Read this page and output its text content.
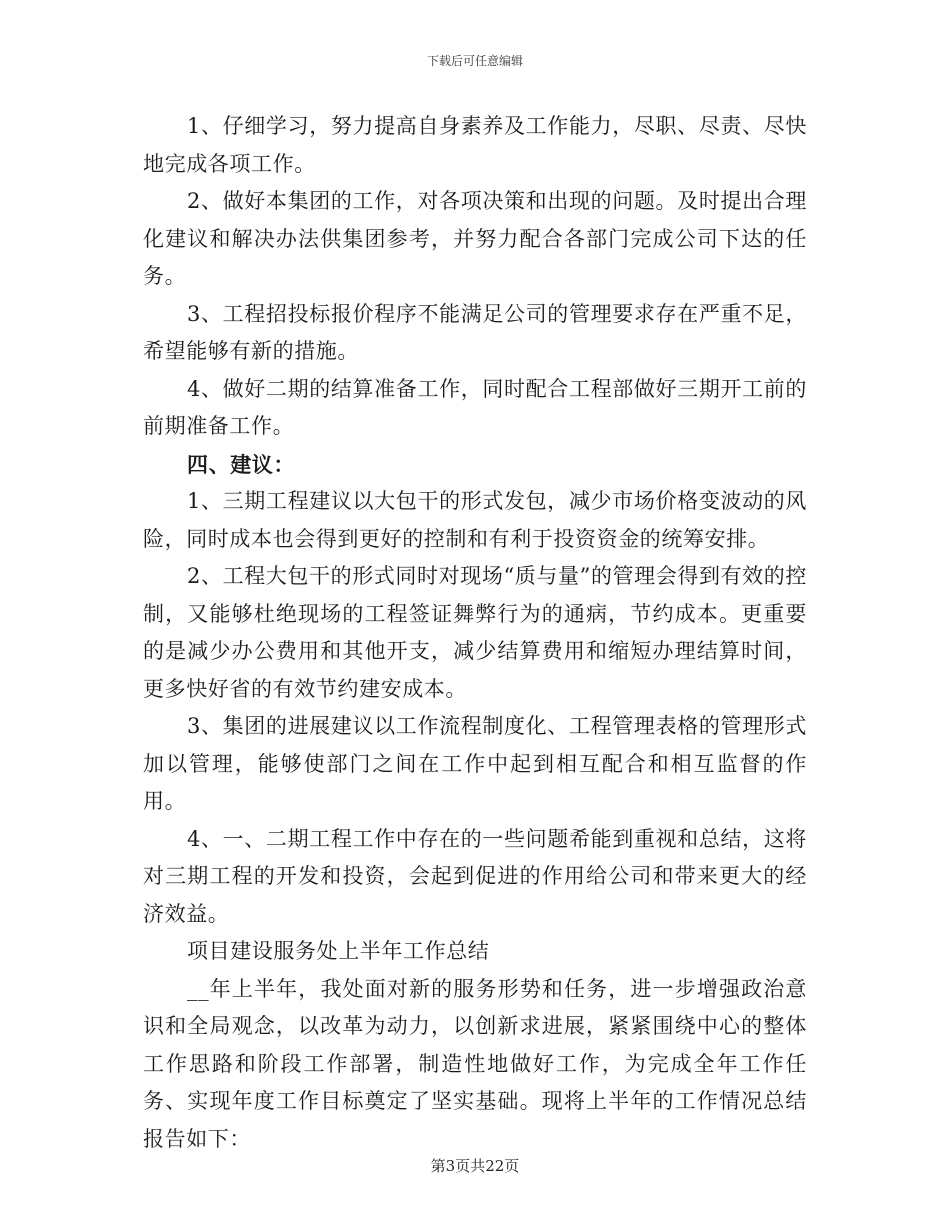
下载后可任意编辑

1、仔细学习，努力提高自身素养及工作能力，尽职、尽责、尽快地完成各项工作。

2、做好本集团的工作，对各项决策和出现的问题。及时提出合理化建议和解决办法供集团参考，并努力配合各部门完成公司下达的任务。

3、工程招投标报价程序不能满足公司的管理要求存在严重不足，希望能够有新的措施。

4、做好二期的结算准备工作，同时配合工程部做好三期开工前的前期准备工作。

四、建议：

1、三期工程建议以大包干的形式发包，减少市场价格变波动的风险，同时成本也会得到更好的控制和有利于投资资金的统筹安排。

2、工程大包干的形式同时对现场“质与量”的管理会得到有效的控制，又能够杜绝现场的工程签证舞弊行为的通病，节约成本。更重要的是减少办公费用和其他开支，减少结算费用和缩短办理结算时间，更多快好省的有效节约建安成本。

3、集团的进展建议以工作流程制度化、工程管理表格的管理形式加以管理，能够使部门之间在工作中起到相互配合和相互监督的作用。

4、一、二期工程工作中存在的一些问题希能到重视和总结，这将对三期工程的开发和投资，会起到促进的作用给公司和带来更大的经济效益。

项目建设服务处上半年工作总结

__年上半年，我处面对新的服务形势和任务，进一步增强政治意识和全局观念，以改革为动力，以创新求进展，紧紧围绕中心的整体工作思路和阶段工作部署，制造性地做好工作，为完成全年工作任务、实现年度工作目标奠定了坚实基础。现将上半年的工作情况总结报告如下：

第3页共22页
